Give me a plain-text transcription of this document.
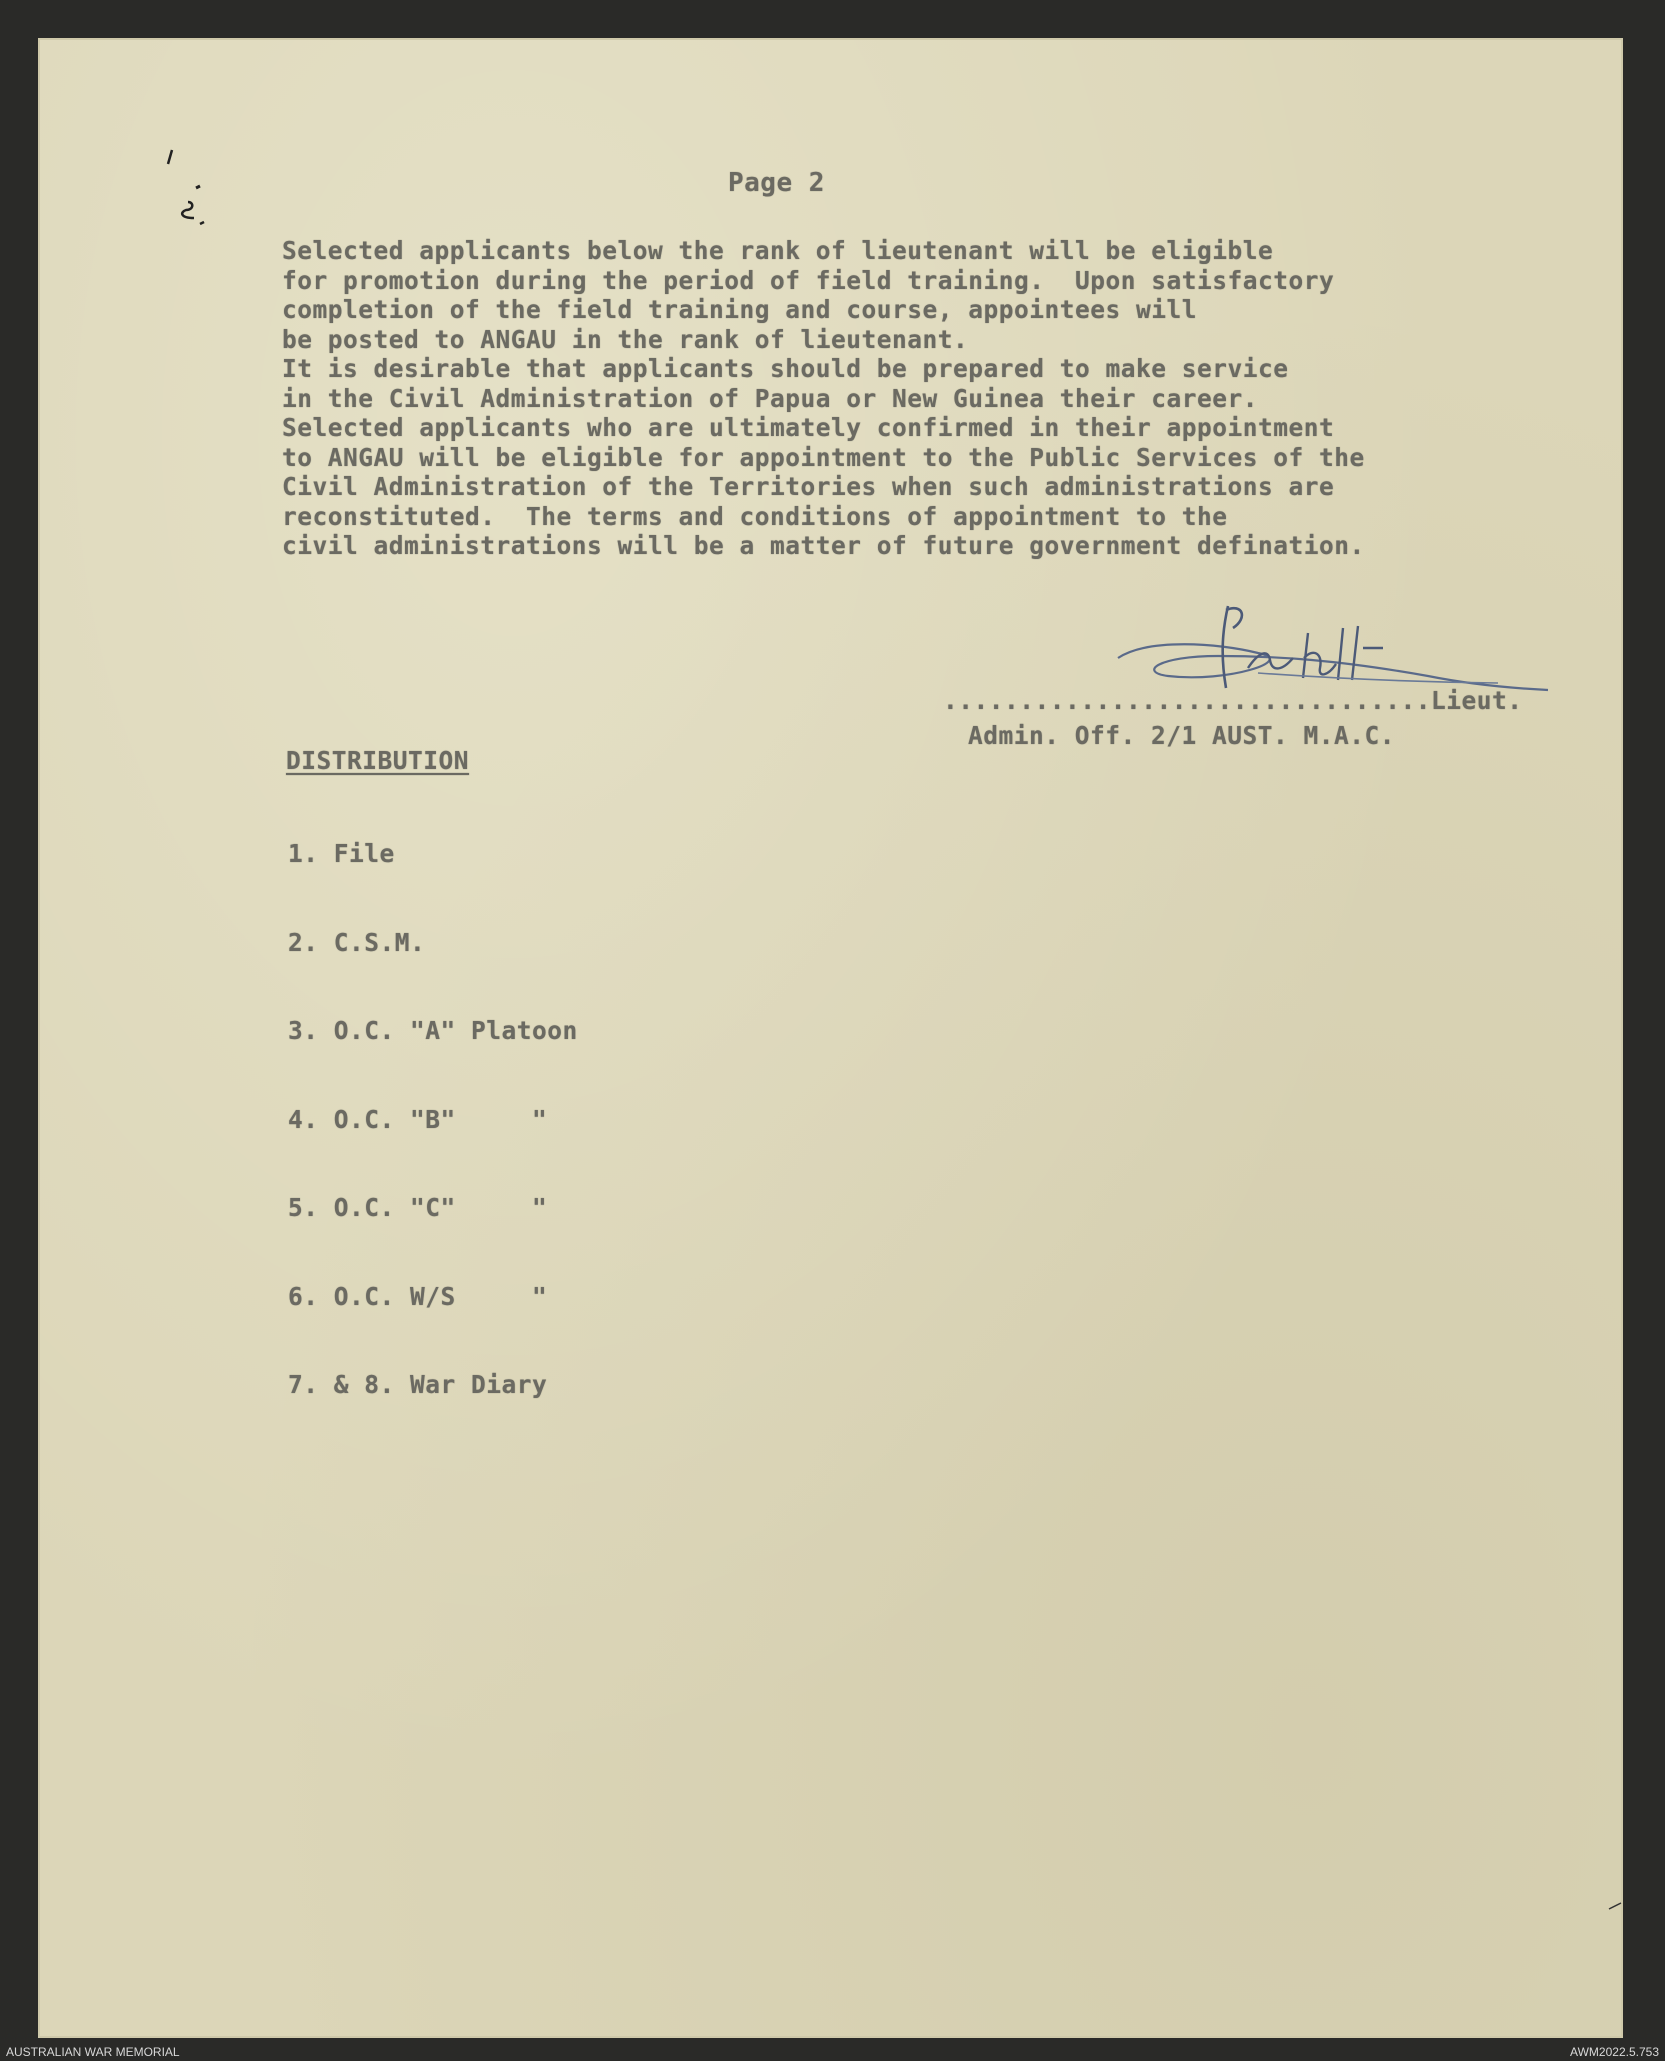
Page 2
Selected applicants below the rank of lieutenant will be eligible
for promotion during the period of field training.  Upon satisfactory
completion of the field training and course, appointees will
be posted to ANGAU in the rank of lieutenant.
It is desirable that applicants should be prepared to make service
in the Civil Administration of Papua or New Guinea their career.
Selected applicants who are ultimately confirmed in their appointment
to ANGAU will be eligible for appointment to the Public Services of the
Civil Administration of the Territories when such administrations are
reconstituted.  The terms and conditions of appointment to the
civil administrations will be a matter of future government defination.
................................Lieut.
Admin. Off. 2/1 AUST. M.A.C.
DISTRIBUTION

1. File

2. C.S.M.

3. O.C. "A" Platoon

4. O.C. "B"     "

5. O.C. "C"     "

6. O.C. W/S     "

7. & 8. War Diary

AUSTRALIAN WAR MEMORIAL	AWM2022.5.753
